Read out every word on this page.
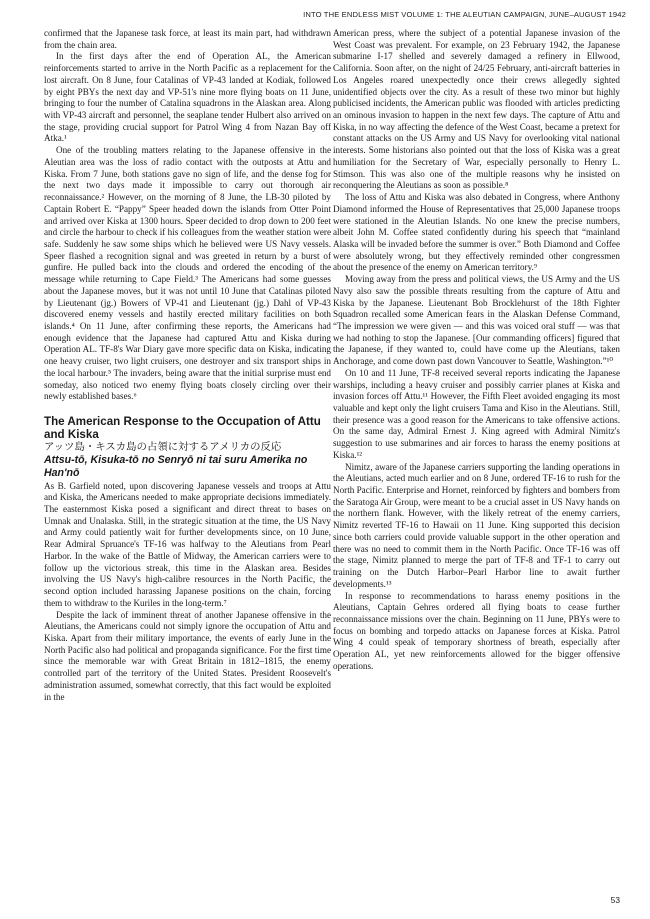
INTO THE ENDLESS MIST VOLUME 1: THE ALEUTIAN CAMPAIGN, JUNE–AUGUST 1942

confirmed that the Japanese task force, at least its main part, had withdrawn from the chain area.

In the first days after the end of Operation AL, the American reinforcements started to arrive in the North Pacific as a replacement for the lost aircraft. On 8 June, four Catalinas of VP-43 landed at Kodiak, followed by eight PBYs the next day and VP-51's nine more flying boats on 11 June, bringing to four the number of Catalina squadrons in the Alaskan area. Along with VP-43 aircraft and personnel, the seaplane tender Hulbert also arrived on the stage, providing crucial support for Patrol Wing 4 from Nazan Bay off Atka.¹

One of the troubling matters relating to the Japanese offensive in the Aleutian area was the loss of radio contact with the outposts at Attu and Kiska. From 7 June, both stations gave no sign of life, and the dense fog for the next two days made it impossible to carry out thorough air reconnaissance.² However, on the morning of 8 June, the LB-30 piloted by Captain Robert E. “Pappy” Speer headed down the islands from Otter Point and arrived over Kiska at 1300 hours. Speer decided to drop down to 200 feet and circle the harbour to check if his colleagues from the weather station were safe. Suddenly he saw some ships which he believed were US Navy vessels. Speer flashed a recognition signal and was greeted in return by a burst of gunfire. He pulled back into the clouds and ordered the encoding of the message while returning to Cape Field.³ The Americans had some guesses about the Japanese moves, but it was not until 10 June that Catalinas piloted by Lieutenant (jg.) Bowers of VP-41 and Lieutenant (jg.) Dahl of VP-43 discovered enemy vessels and hastily erected military facilities on both islands.⁴ On 11 June, after confirming these reports, the Americans had enough evidence that the Japanese had captured Attu and Kiska during Operation AL. TF-8's War Diary gave more specific data on Kiska, indicating one heavy cruiser, two light cruisers, one destroyer and six transport ships in the local harbour.⁵ The invaders, being aware that the initial surprise must end someday, also noticed two enemy flying boats closely circling over their newly established bases.⁶

The American Response to the Occupation of Attu and Kiska
アッツ島・キスカ島の占領に対するアメリカの反応
Attsu-tō, Kisuka-tō no Senryō ni tai suru Amerika no Han'nō

As B. Garfield noted, upon discovering Japanese vessels and troops at Attu and Kiska, the Americans needed to make appropriate decisions immediately. The easternmost Kiska posed a significant and direct threat to bases on Umnak and Unalaska. Still, in the strategic situation at the time, the US Navy and Army could patiently wait for further developments since, on 10 June, Rear Admiral Spruance's TF-16 was halfway to the Aleutians from Pearl Harbor. In the wake of the Battle of Midway, the American carriers were to follow up the victorious streak, this time in the Alaskan area. Besides involving the US Navy's high-calibre resources in the North Pacific, the second option included harassing Japanese positions on the chain, forcing them to withdraw to the Kuriles in the long-term.⁷

Despite the lack of imminent threat of another Japanese offensive in the Aleutians, the Americans could not simply ignore the occupation of Attu and Kiska. Apart from their military importance, the events of early June in the North Pacific also had political and propaganda significance. For the first time since the memorable war with Great Britain in 1812–1815, the enemy controlled part of the territory of the United States. President Roosevelt's administration assumed, somewhat correctly, that this fact would be exploited in the

American press, where the subject of a potential Japanese invasion of the West Coast was prevalent. For example, on 23 February 1942, the Japanese submarine I-17 shelled and severely damaged a refinery in Ellwood, California. Soon after, on the night of 24/25 February, anti-aircraft batteries in Los Angeles roared unexpectedly once their crews allegedly sighted unidentified objects over the city. As a result of these two minor but highly publicised incidents, the American public was flooded with articles predicting an ominous invasion to happen in the next few days. The capture of Attu and Kiska, in no way affecting the defence of the West Coast, became a pretext for constant attacks on the US Army and US Navy for overlooking vital national interests. Some historians also pointed out that the loss of Kiska was a great humiliation for the Secretary of War, especially personally to Henry L. Stimson. This was also one of the multiple reasons why he insisted on reconquering the Aleutians as soon as possible.⁸

The loss of Attu and Kiska was also debated in Congress, where Anthony Diamond informed the House of Representatives that 25,000 Japanese troops were stationed in the Aleutian Islands. No one knew the precise numbers, albeit John M. Coffee stated confidently during his speech that “mainland Alaska will be invaded before the summer is over.” Both Diamond and Coffee were absolutely wrong, but they effectively reminded other congressmen about the presence of the enemy on American territory.⁹

Moving away from the press and political views, the US Army and the US Navy also saw the possible threats resulting from the capture of Attu and Kiska by the Japanese. Lieutenant Bob Brocklehurst of the 18th Fighter Squadron recalled some American fears in the Alaskan Defense Command, “The impression we were given — and this was voiced oral stuff — was that we had nothing to stop the Japanese. [Our commanding officers] figured that the Japanese, if they wanted to, could have come up the Aleutians, taken Anchorage, and come down past down Vancouver to Seattle, Washington.”¹⁰

On 10 and 11 June, TF-8 received several reports indicating the Japanese warships, including a heavy cruiser and possibly carrier planes at Kiska and invasion forces off Attu.¹¹ However, the Fifth Fleet avoided engaging its most valuable and kept only the light cruisers Tama and Kiso in the Aleutians. Still, their presence was a good reason for the Americans to take offensive actions. On the same day, Admiral Ernest J. King agreed with Admiral Nimitz's suggestion to use submarines and air forces to harass the enemy positions at Kiska.¹²

Nimitz, aware of the Japanese carriers supporting the landing operations in the Aleutians, acted much earlier and on 8 June, ordered TF-16 to rush for the North Pacific. Enterprise and Hornet, reinforced by fighters and bombers from the Saratoga Air Group, were meant to be a crucial asset in US Navy hands on the northern flank. However, with the likely retreat of the enemy carriers, Nimitz reverted TF-16 to Hawaii on 11 June. King supported this decision since both carriers could provide valuable support in the other operation and there was no need to commit them in the North Pacific. Once TF-16 was off the stage, Nimitz planned to merge the part of TF-8 and TF-1 to carry out training on the Dutch Harbor–Pearl Harbor line to await further developments.¹³

In response to recommendations to harass enemy positions in the Aleutians, Captain Gehres ordered all flying boats to cease further reconnaissance missions over the chain. Beginning on 11 June, PBYs were to focus on bombing and torpedo attacks on Japanese forces at Kiska. Patrol Wing 4 could speak of temporary shortness of breath, especially after Operation AL, yet new reinforcements allowed for the bigger offensive operations.

53
